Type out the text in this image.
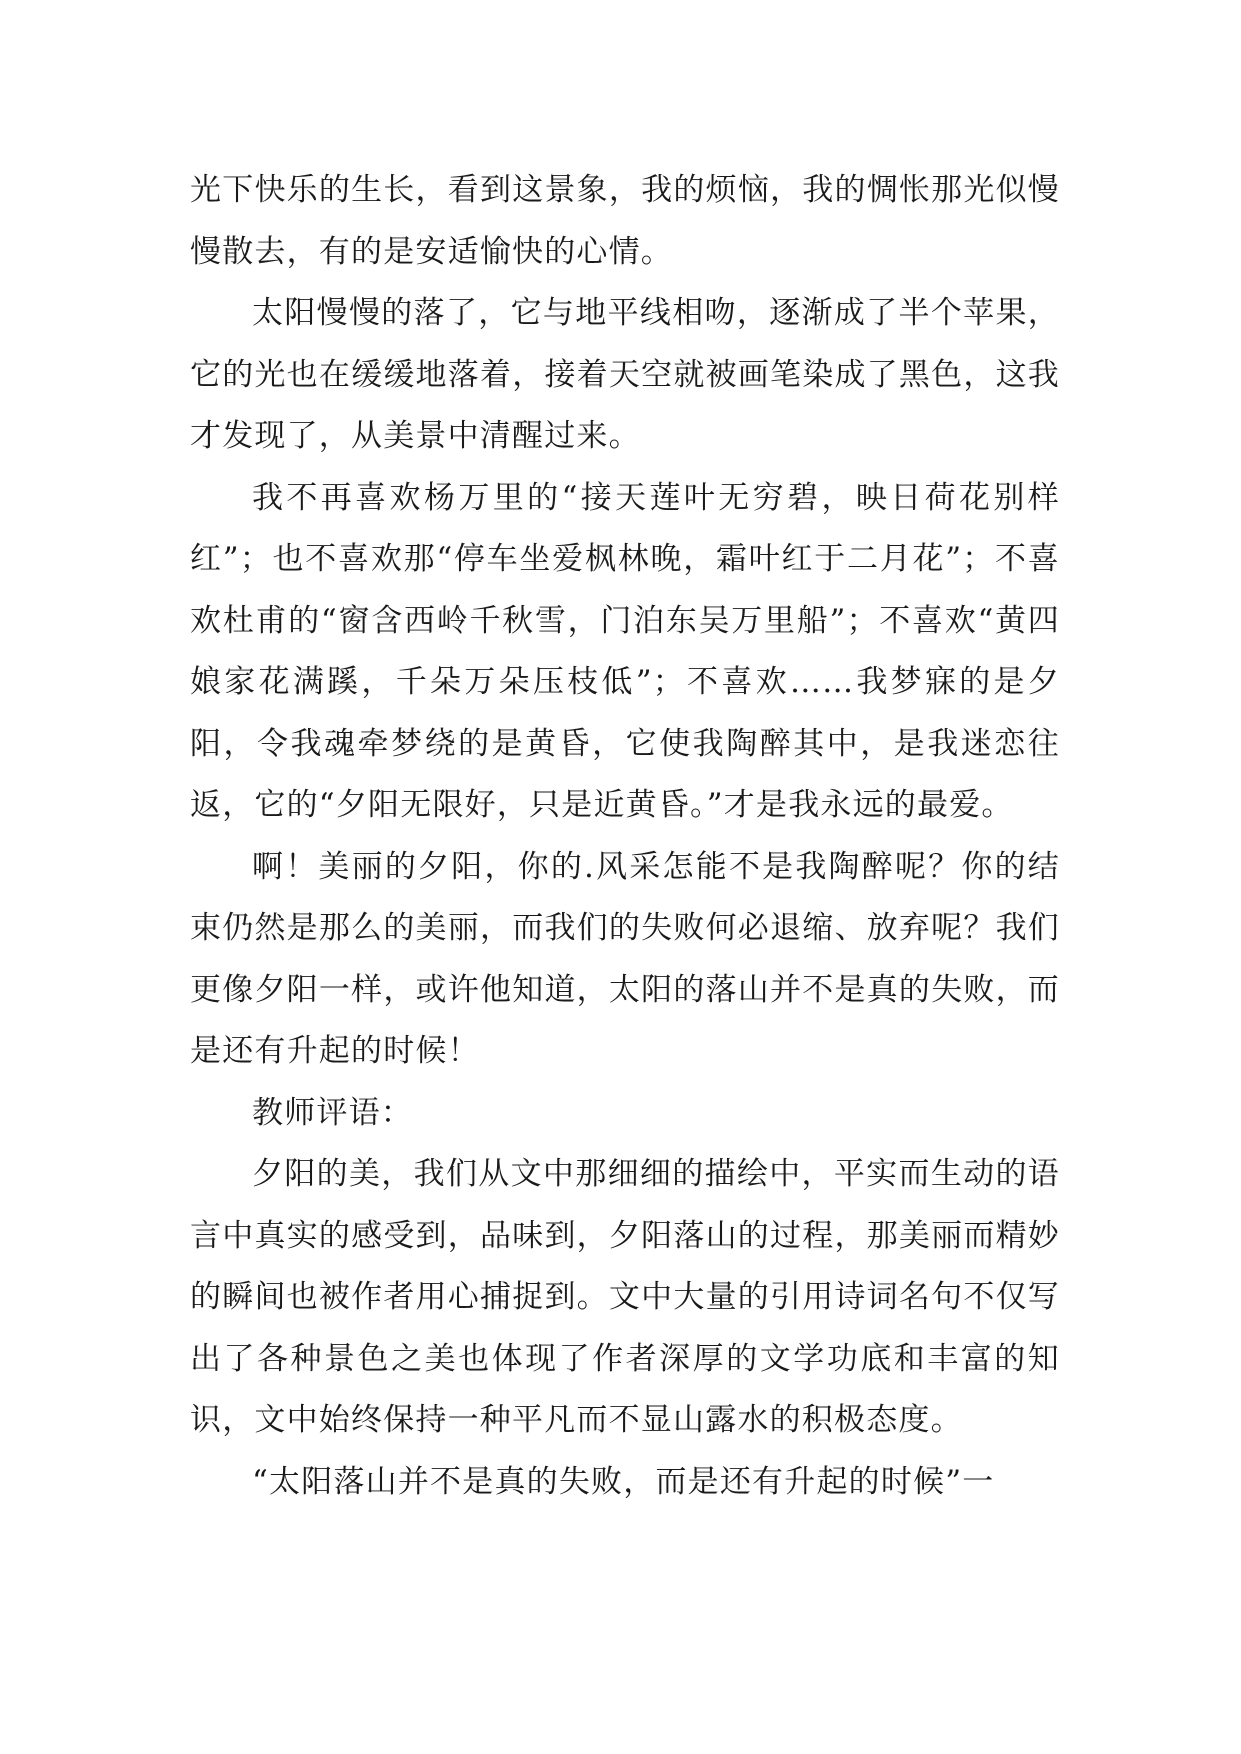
光下快乐的生长，看到这景象，我的烦恼，我的惆怅那光似慢慢散去，有的是安适愉快的心情。

太阳慢慢的落了，它与地平线相吻，逐渐成了半个苹果，它的光也在缓缓地落着，接着天空就被画笔染成了黑色，这我才发现了，从美景中清醒过来。

我不再喜欢杨万里的“接天莲叶无穷碧，映日荷花别样红”；也不喜欢那“停车坐爱枫林晚，霜叶红于二月花”；不喜欢杜甫的“窗含西岭千秋雪，门泊东吴万里船”；不喜欢“黄四娘家花满蹊，千朵万朵压枝低”；不喜欢……我梦寐的是夕阳，令我魂牵梦绕的是黄昏，它使我陶醉其中，是我迷恋往返，它的“夕阳无限好，只是近黄昏。”才是我永远的最爱。

啊！美丽的夕阳，你的.风采怎能不是我陶醉呢？你的结束仍然是那么的美丽，而我们的失败何必退缩、放弃呢？我们更像夕阳一样，或许他知道，太阳的落山并不是真的失败，而是还有升起的时候！

教师评语：

夕阳的美，我们从文中那细细的描绘中，平实而生动的语言中真实的感受到，品味到，夕阳落山的过程，那美丽而精妙的瞬间也被作者用心捕捉到。文中大量的引用诗词名句不仅写出了各种景色之美也体现了作者深厚的文学功底和丰富的知识，文中始终保持一种平凡而不显山露水的积极态度。

“太阳落山并不是真的失败，而是还有升起的时候”一
